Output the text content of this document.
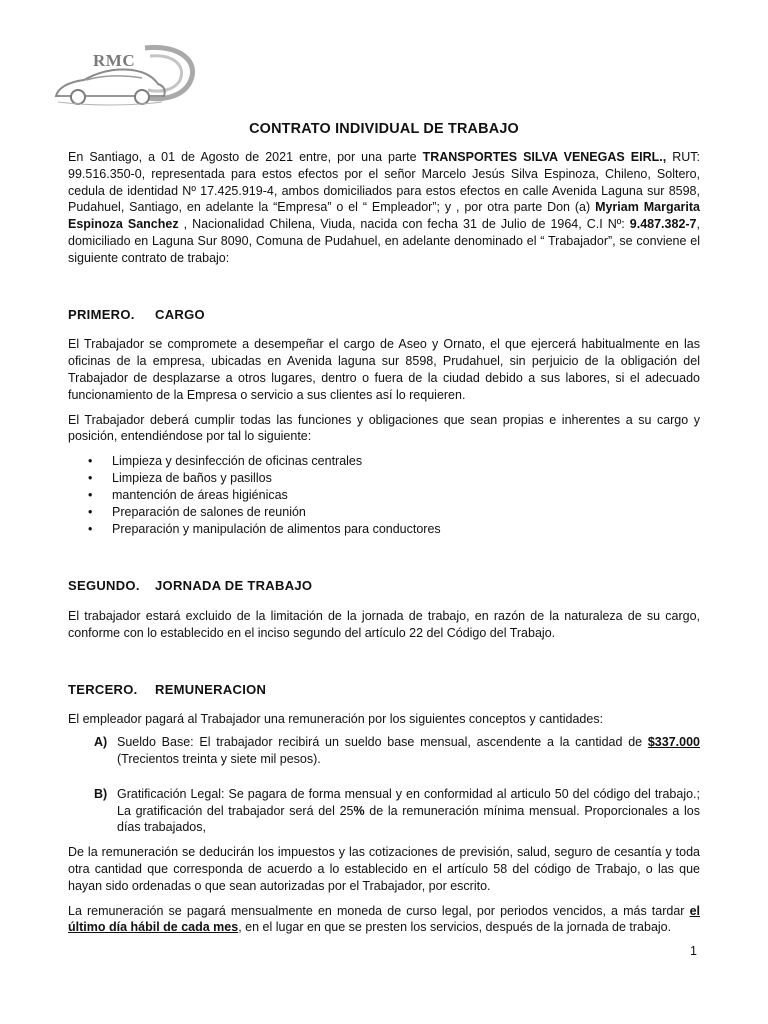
RMC
CONTRATO INDIVIDUAL DE TRABAJO

En Santiago, a 01 de Agosto de 2021 entre, por una parte TRANSPORTES SILVA VENEGAS EIRL., RUT: 99.516.350-0, representada para estos efectos por el señor Marcelo Jesús Silva Espinoza, Chileno, Soltero, cedula de identidad Nº 17.425.919-4, ambos domiciliados para estos efectos en calle Avenida Laguna sur 8598, Pudahuel, Santiago, en adelante la “Empresa” o el “ Empleador”; y , por otra parte Don (a) Myriam Margarita Espinoza Sanchez , Nacionalidad Chilena, Viuda, nacida con fecha 31 de Julio de 1964, C.I Nº: 9.487.382-7, domiciliado en Laguna Sur 8090, Comuna de Pudahuel, en adelante denominado el “ Trabajador”, se conviene el siguiente contrato de trabajo:

PRIMERO. CARGO

El Trabajador se compromete a desempeñar el cargo de Aseo y Ornato, el que ejercerá habitualmente en las oficinas de la empresa, ubicadas en Avenida laguna sur 8598, Prudahuel, sin perjuicio de la obligación del Trabajador de desplazarse a otros lugares, dentro o fuera de la ciudad debido a sus labores, si el adecuado funcionamiento de la Empresa o servicio a sus clientes así lo requieren.

El Trabajador deberá cumplir todas las funciones y obligaciones que sean propias e inherentes a su cargo y posición, entendiéndose por tal lo siguiente:

• Limpieza y desinfección de oficinas centrales
• Limpieza de baños y pasillos
• mantención de áreas higiénicas
• Preparación de salones de reunión
• Preparación y manipulación de alimentos para conductores
SEGUNDO. JORNADA DE TRABAJO

El trabajador estará excluido de la limitación de la jornada de trabajo, en razón de la naturaleza de su cargo, conforme con lo establecido en el inciso segundo del artículo 22 del Código del Trabajo.

TERCERO. REMUNERACION

El empleador pagará al Trabajador una remuneración por los siguientes conceptos y cantidades:

A) Sueldo Base: El trabajador recibirá un sueldo base mensual, ascendente a la cantidad de $337.000 (Trecientos treinta y siete mil pesos).

B) Gratificación Legal: Se pagara de forma mensual y en conformidad al articulo 50 del código del trabajo.; La gratificación del trabajador será del 25% de la remuneración mínima mensual. Proporcionales a los días trabajados,

De la remuneración se deducirán los impuestos y las cotizaciones de previsión, salud, seguro de cesantía y toda otra cantidad que corresponda de acuerdo a lo establecido en el artículo 58 del código de Trabajo, o las que hayan sido ordenadas o que sean autorizadas por el Trabajador, por escrito.

La remuneración se pagará mensualmente en moneda de curso legal, por periodos vencidos, a más tardar el último día hábil de cada mes, en el lugar en que se presten los servicios, después de la jornada de trabajo.

1
